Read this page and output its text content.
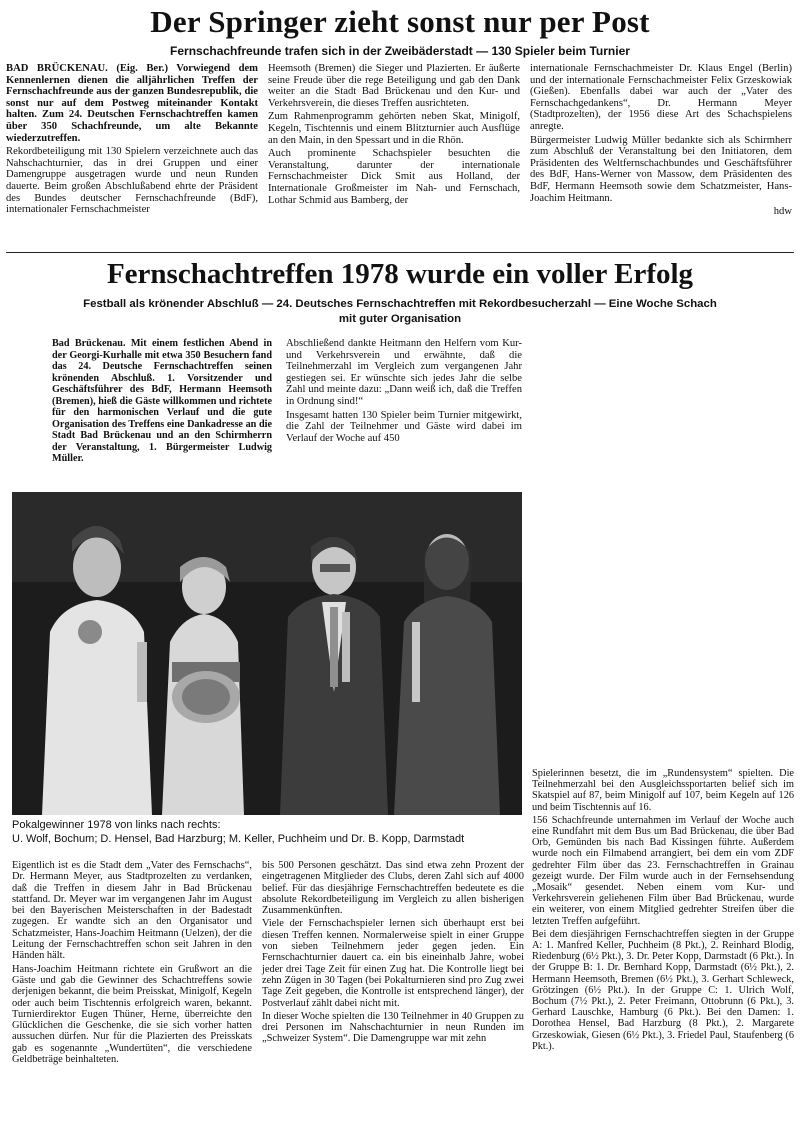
Der Springer zieht sonst nur per Post
Fernschachfreunde trafen sich in der Zweibäderstadt — 130 Spieler beim Turnier

BAD BRÜCKENAU. (Eig. Ber.) Vorwiegend dem Kennenlernen dienen die alljährlichen Treffen der Fernschachfreunde aus der ganzen Bundesrepublik, die sonst nur auf dem Postweg miteinander Kontakt halten. Zum 24. Deutschen Fernschachtreffen kamen über 350 Schachfreunde, um alte Bekannte wiederzutreffen.

Rekordbeteiligung mit 130 Spielern verzeichnete auch das Nahschachturnier, das in drei Gruppen und einer Damengruppe ausgetragen wurde und neun Runden dauerte. Beim großen Abschlußabend ehrte der Präsident des Bundes deutscher Fernschachfreunde (BdF), internationaler Fernschachmeister

Heemsoth (Bremen) die Sieger und Plazierten. Er äußerte seine Freude über die rege Beteiligung und gab den Dank weiter an die Stadt Bad Brückenau und den Kur- und Verkehrsverein, die dieses Treffen ausrichteten.

Zum Rahmenprogramm gehörten neben Skat, Minigolf, Kegeln, Tischtennis und einem Blitzturnier auch Ausflüge an den Main, in den Spessart und in die Rhön.

Auch prominente Schachspieler besuchten die Veranstaltung, darunter der internationale Fernschachmeister Dick Smit aus Holland, der Internationale Großmeister im Nah- und Fernschach, Lothar Schmid aus Bamberg, der

internationale Fernschachmeister Dr. Klaus Engel (Berlin) und der internationale Fernschachmeister Felix Grzeskowiak (Gießen). Ebenfalls dabei war auch der „Vater des Fernschachgedankens“, Dr. Hermann Meyer (Stadtprozelten), der 1956 diese Art des Schachspielens anregte.

Bürgermeister Ludwig Müller bedankte sich als Schirmherr zum Abschluß der Veranstaltung bei den Initiatoren, dem Präsidenten des Weltfernschachbundes und Geschäftsführer des BdF, Hans-Werner von Massow, dem Präsidenten des BdF, Hermann Heemsoth sowie dem Schatzmeister, Hans-Joachim Heitmann.

hdw

Fernschachtreffen 1978 wurde ein voller Erfolg
Festball als krönender Abschluß — 24. Deutsches Fernschachtreffen mit Rekordbesucherzahl — Eine Woche Schach mit guter Organisation

Bad Brückenau. Mit einem festlichen Abend in der Georgi-Kurhalle mit etwa 350 Besuchern fand das 24. Deutsche Fernschachtreffen seinen krönenden Abschluß. 1. Vorsitzender und Geschäftsführer des BdF, Hermann Heemsoth (Bremen), hieß die Gäste willkommen und richtete für den harmonischen Verlauf und die gute Organisation des Treffens eine Dankadresse an die Stadt Bad Brückenau und an den Schirmherrn der Veranstaltung, 1. Bürgermeister Ludwig Müller.

Abschließend dankte Heitmann den Helfern vom Kur- und Verkehrsverein und erwähnte, daß die Teilnehmerzahl im Vergleich zum vergangenen Jahr gestiegen sei. Er wünschte sich jedes Jahr die selbe Zahl und meinte dazu: „Dann weiß ich, daß die Treffen in Ordnung sind!“

Insgesamt hatten 130 Spieler beim Turnier mitgewirkt, die Zahl der Teilnehmer und Gäste wird dabei im Verlauf der Woche auf 450

Pokalgewinner 1978 von links nach rechts:
U. Wolf, Bochum; D. Hensel, Bad Harzburg; M. Keller, Puchheim und Dr. B. Kopp, Darmstadt

Eigentlich ist es die Stadt dem „Vater des Fernschachs“, Dr. Hermann Meyer, aus Stadtprozelten zu verdanken, daß die Treffen in diesem Jahr in Bad Brückenau stattfand. Dr. Meyer war im vergangenen Jahr im August bei den Bayerischen Meisterschaften in der Badestadt zugegen. Er wandte sich an den Organisator und Schatzmeister, Hans-Joachim Heitmann (Uelzen), der die Leitung der Fernschachtreffen schon seit Jahren in den Händen hält.

Hans-Joachim Heitmann richtete ein Grußwort an die Gäste und gab die Gewinner des Schachtreffens sowie derjenigen bekannt, die beim Preisskat, Minigolf, Kegeln oder auch beim Tischtennis erfolgreich waren, bekannt. Turnierdirektor Eugen Thüner, Herne, überreichte den Glücklichen die Geschenke, die sie sich vorher hatten aussuchen dürfen. Nur für die Plazierten des Preisskats gab es sogenannte „Wundertüten“, die verschiedene Geldbeträge beinhalteten.

bis 500 Personen geschätzt. Das sind etwa zehn Prozent der eingetragenen Mitglieder des Clubs, deren Zahl sich auf 4000 belief. Für das diesjährige Fernschachtreffen bedeutete es die absolute Rekordbeteiligung im Vergleich zu allen bisherigen Zusammenkünften.

Viele der Fernschachspieler lernen sich überhaupt erst bei diesen Treffen kennen. Normalerweise spielt in einer Gruppe von sieben Teilnehmern jeder gegen jeden. Ein Fernschachturnier dauert ca. ein bis eineinhalb Jahre, wobei jeder drei Tage Zeit für einen Zug hat. Die Kontrolle liegt bei zehn Zügen in 30 Tagen (bei Pokalturnieren sind pro Zug zwei Tage Zeit gegeben, die Kontrolle ist entsprechend länger), der Postverlauf zählt dabei nicht mit.

In dieser Woche spielten die 130 Teilnehmer in 40 Gruppen zu drei Personen im Nahschachturnier in neun Runden im „Schweizer System“. Die Damengruppe war mit zehn

Spielerinnen besetzt, die im „Rundensystem“ spielten. Die Teilnehmerzahl bei den Ausgleichssportarten belief sich im Skatspiel auf 87, beim Minigolf auf 107, beim Kegeln auf 126 und beim Tischtennis auf 16.

156 Schachfreunde unternahmen im Verlauf der Woche auch eine Rundfahrt mit dem Bus um Bad Brückenau, die über Bad Orb, Gemünden bis nach Bad Kissingen führte. Außerdem wurde noch ein Filmabend arrangiert, bei dem ein vom ZDF gedrehter Film über das 23. Fernschachtreffen in Grainau gezeigt wurde. Der Film wurde auch in der Fernsehsendung „Mosaik“ gesendet. Neben einem vom Kur- und Verkehrsverein geliehenen Film über Bad Brückenau, wurde ein weiterer, von einem Mitglied gedrehter Streifen über die letzten Treffen aufgeführt.

Bei dem diesjährigen Fernschachtreffen siegten in der Gruppe A: 1. Manfred Keller, Puchheim (8 Pkt.), 2. Reinhard Blodig, Riedenburg (6½ Pkt.), 3. Dr. Peter Kopp, Darmstadt (6 Pkt.). In der Gruppe B: 1. Dr. Bernhard Kopp, Darmstadt (6½ Pkt.), 2. Hermann Heemsoth, Bremen (6½ Pkt.), 3. Gerhart Schleweck, Grötzingen (6½ Pkt.). In der Gruppe C: 1. Ulrich Wolf, Bochum (7½ Pkt.), 2. Peter Freimann, Ottobrunn (6 Pkt.), 3. Gerhard Lauschke, Hamburg (6 Pkt.). Bei den Damen: 1. Dorothea Hensel, Bad Harzburg (8 Pkt.), 2. Margarete Grzeskowiak, Giesen (6½ Pkt.), 3. Friedel Paul, Staufenberg (6 Pkt.).
